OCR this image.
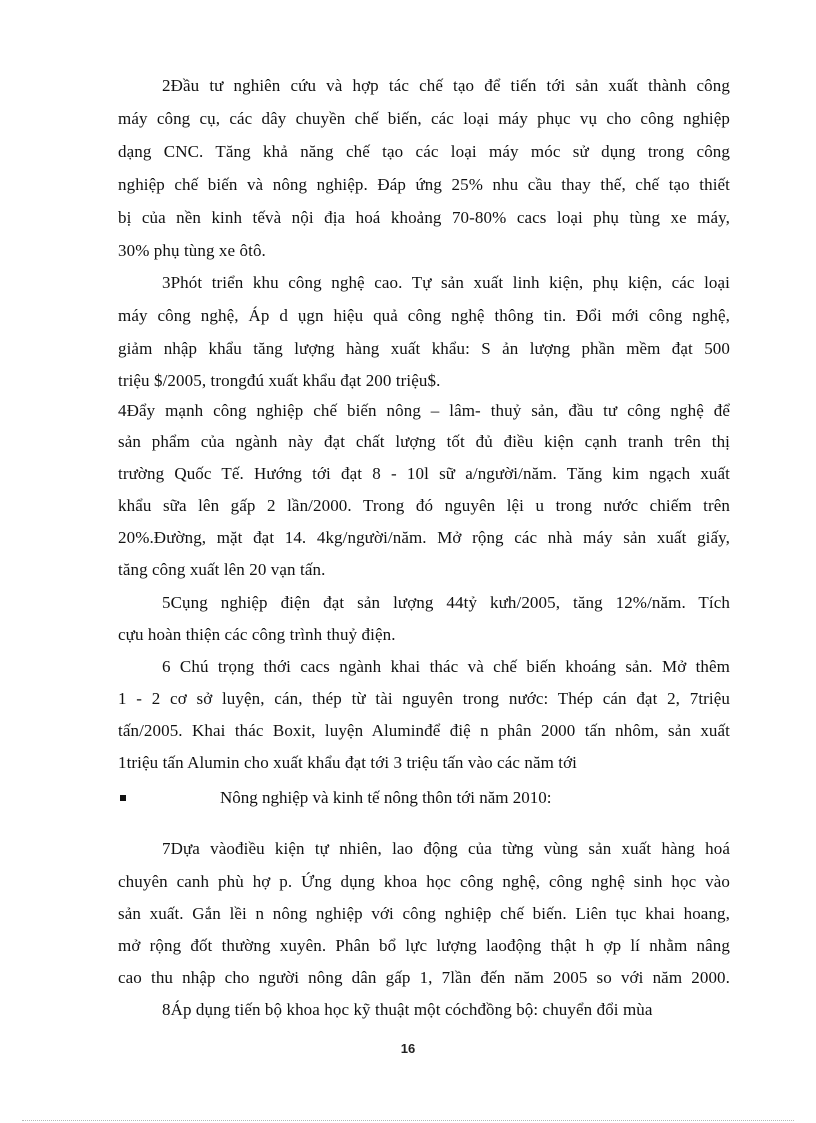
2Đầu tư nghiên cứu và hợp tác chế tạo để tiến tới sản xuất thành công
máy công cụ, các dây chuyền chế biến, các loại máy phục vụ cho công nghiệp
dạng CNC. Tăng khả năng chế tạo các loại máy móc sử dụng trong công
nghiệp chế biến và nông nghiệp. Đáp ứng 25% nhu cầu thay thế, chế tạo thiết
bị của nền kinh tếvà nội địa hoá khoảng 70-80% cacs loại phụ tùng xe máy,
30% phụ tùng xe ôtô.
3Phót triển khu công nghệ cao. Tự sản xuất linh kiện, phụ kiện, các loại
máy công nghệ, Áp d ụgn hiệu quả công nghệ thông tin. Đổi mới công nghệ,
giảm nhập khẩu tăng lượng hàng xuất khẩu: S ản lượng phần mềm đạt 500
triệu $/2005, trongđú xuất khẩu đạt 200 triệu$.
4Đẩy mạnh công nghiệp chế biến nông – lâm- thuỷ sản, đầu tư công nghệ để
sản phẩm của ngành này đạt chất lượng tốt đủ điều kiện cạnh tranh trên thị
trường Quốc Tế. Hướng tới đạt 8 - 10l sữ a/người/năm. Tăng kim ngạch xuất
khẩu sữa lên gấp 2 lần/2000. Trong đó nguyên lệi u trong nước chiếm trên
20%.Đường, mặt đạt 14. 4kg/người/năm. Mở rộng các nhà máy sản xuất giấy,
tăng công xuất lên 20 vạn tấn.
5Cụng nghiệp điện đạt sản lượng 44tỷ kưh/2005, tăng 12%/năm. Tích
cựu hoàn thiện các công trình thuỷ điện.
6 Chú trọng thới cacs ngành khai thác và chế biến khoáng sản. Mở thêm
1 - 2 cơ sở luyện, cán, thép từ tài nguyên trong nước: Thép cán đạt 2, 7triệu
tấn/2005. Khai thác Boxit, luyện Aluminđể điệ n phân 2000 tấn nhôm, sản xuất
1triệu tấn Alumin cho xuất khẩu đạt tới 3 triệu tấn vào các năm tới
Nông nghiệp và kinh tế nông thôn tới năm 2010:
7Dựa vàođiều kiện tự nhiên, lao động của từng vùng sản xuất hàng hoá
chuyên canh phù hợ p. Ứng dụng khoa học công nghệ, công nghệ sinh học vào
sản xuất. Gắn lềi n nông nghiệp với công nghiệp chế biến. Liên tục khai hoang,
mở rộng đốt thường xuyên. Phân bổ lực lượng laođộng thật h ợp lí nhằm nâng
cao thu nhập cho người nông dân gấp 1, 7lần đến năm 2005 so với năm 2000.
8Áp dụng tiến bộ khoa học kỹ thuật một cóchđồng bộ: chuyển đổi mùa
16
